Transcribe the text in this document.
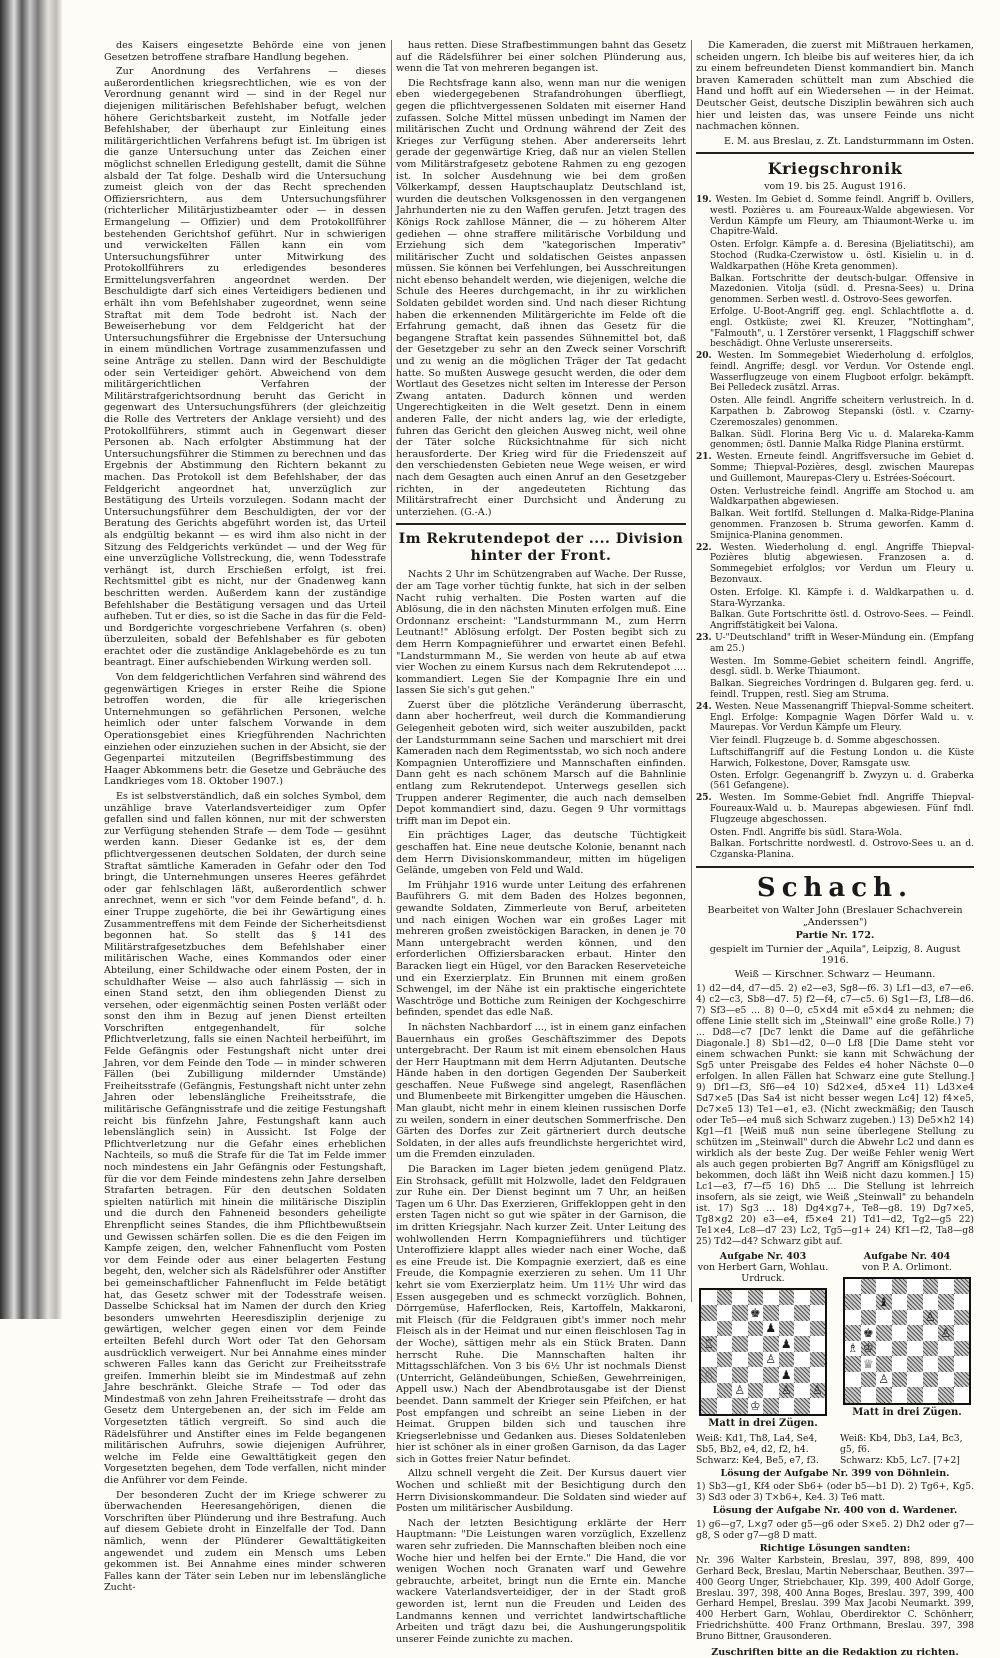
des Kaisers eingesetzte Behörde eine von jenen Gesetzen betroffene strafbare Handlung begehen.

Zur Anordnung des Verfahrens — dieses außerordentlichen kriegsrechtlichen, wie es von der Verordnung genannt wird — sind in der Regel nur diejenigen militärischen Befehlshaber befugt, welchen höhere Gerichtsbarkeit zusteht, im Notfalle jeder Befehlshaber, der überhaupt zur Einleitung eines militärgerichtlichen Verfahrens befugt ist. Im übrigen ist die ganze Untersuchung unter das Zeichen einer möglichst schnellen Erledigung gestellt, damit die Sühne alsbald der Tat folge. Deshalb wird die Untersuchung zumeist gleich von der das Recht sprechenden Offiziersrichtern, aus dem Untersuchungsführer (richterlicher Militärjustizbeamter oder — in dessen Ermangelung — Offizier) und dem Protokollführer bestehenden Gerichtshof geführt. Nur in schwierigen und verwickelten Fällen kann ein vom Untersuchungsführer unter Mitwirkung des Protokollführers zu erledigendes besonderes Ermittelungsverfahren angeordnet werden. Der Beschuldigte darf sich eines Verteidigers bedienen und erhält ihn vom Befehlshaber zugeordnet, wenn seine Straftat mit dem Tode bedroht ist. Nach der Beweiserhebung vor dem Feldgericht hat der Untersuchungsführer die Ergebnisse der Untersuchung in einem mündlichen Vortrage zusammenzufassen und seine Anträge zu stellen. Dann wird der Beschuldigte oder sein Verteidiger gehört. Abweichend von dem militärgerichtlichen Verfahren der Militärstrafgerichtsordnung beruht das Gericht in gegenwart des Untersuchungsführers (der gleichzeitig die Rolle des Vertreters der Anklage versieht) und des Protokollführers, stimmt auch in Gegenwart dieser Personen ab. Nach erfolgter Abstimmung hat der Untersuchungsführer die Stimmen zu berechnen und das Ergebnis der Abstimmung den Richtern bekannt zu machen. Das Protokoll ist dem Befehlshaber, der das Feldgericht angeordnet hat, unverzüglich zur Bestätigung des Urteils vorzulegen. Sodann macht der Untersuchungsführer dem Beschuldigten, der vor der Beratung des Gerichts abgeführt worden ist, das Urteil als endgültig bekannt — es wird ihm also nicht in der Sitzung des Feldgerichts verkündet — und der Weg für eine unverzügliche Vollstreckung, die, wenn Todesstrafe verhängt ist, durch Erschießen erfolgt, ist frei. Rechtsmittel gibt es nicht, nur der Gnadenweg kann beschritten werden. Außerdem kann der zuständige Befehlshaber die Bestätigung versagen und das Urteil aufheben. Tut er dies, so ist die Sache in das für die Feld- und Bordgerichte vorgeschriebene Verfahren (s. oben) überzuleiten, sobald der Befehlshaber es für geboten erachtet oder die zuständige Anklagebehörde es zu tun beantragt. Einer aufschiebenden Wirkung werden soll.

Von dem feldgerichtlichen Verfahren sind während des gegenwärtigen Krieges in erster Reihe die Spione betroffen worden, die für alle kriegerischen Unternehmungen so gefährlichen Personen, welche heimlich oder unter falschem Vorwande in dem Operationsgebiet eines Kriegführenden Nachrichten einziehen oder einzuziehen suchen in der Absicht, sie der Gegenpartei mitzuteilen (Begriffsbestimmung des Haager Abkommens betr. die Gesetze und Gebräuche des Landkrieges vom 18. Oktober 1907.)

Es ist selbstverständlich, daß ein solches Symbol, dem unzählige brave Vaterlandsverteidiger zum Opfer gefallen sind und fallen können, nur mit der schwersten zur Verfügung stehenden Strafe — dem Tode — gesühnt werden kann. Dieser Gedanke ist es, der dem pflichtvergessenen deutschen Soldaten, der durch seine Straftat sämtliche Kameraden in Gefahr oder den Tod bringt, die Unternehmungen unseres Heeres gefährdet oder gar fehlschlagen läßt, außerordentlich schwer anrechnet, wenn er sich "vor dem Feinde befand", d. h. einer Truppe zugehörte, die bei ihr Gewärtigung eines Zusammentreffens mit dem Feinde der Sicherheitsdienst begonnen hat. So stellt das § 141 des Militärstrafgesetzbuches dem Befehlshaber einer militärischen Wache, eines Kommandos oder einer Abteilung, einer Schildwache oder einem Posten, der in schuldhafter Weise — also auch fahrlässig — sich in einen Stand setzt, den ihm obliegenden Dienst zu versehen, oder eigenmächtig seinen Posten verläßt oder sonst den ihm in Bezug auf jenen Dienst erteilten Vorschriften entgegenhandelt, für solche Pflichtverletzung, falls sie einen Nachteil herbeiführt, im Felde Gefängnis oder Festungshaft nicht unter drei Jahren, vor dem Feinde den Tode — in minder schweren Fällen (bei Zubilligung mildernder Umstände) Freiheitsstrafe (Gefängnis, Festungshaft nicht unter zehn Jahren oder lebenslängliche Freiheitsstrafe, die militärische Gefängnisstrafe und die zeitige Festungshaft reicht bis fünfzehn Jahre, Festungshaft kann auch lebenslänglich sein) in Aussicht. Ist Folge der Pflichtverletzung nur die Gefahr eines erheblichen Nachteils, so muß die Strafe für die Tat im Felde immer noch mindestens ein Jahr Gefängnis oder Festungshaft, für die vor dem Feinde mindestens zehn Jahre derselben Strafarten betragen. Für den deutschen Soldaten spielten natürlich mit hinein die militärische Disziplin und die durch den Fahneneid besonders geheiligte Ehrenpflicht seines Standes, die ihm Pflichtbewußtsein und Gewissen schärfen sollen. Die es die den Feigen im Kampfe zeigen, den, welcher Fahnenflucht vom Posten vor dem Feinde oder aus einer belagerten Festung begeht, den, welcher sich als Rädelsführer oder Anstifter bei gemeinschaftlicher Fahnenflucht im Felde betätigt hat, das Gesetz schwer mit der Todesstrafe weisen. Dasselbe Schicksal hat im Namen der durch den Krieg besonders umwehrten Heeresdisziplin derjenige zu gewärtigen, welcher gegen einen vor dem Feinde erteilten Befehl durch Wort oder Tat den Gehorsam ausdrücklich verweigert. Nur bei Annahme eines minder schweren Falles kann das Gericht zur Freiheitsstrafe greifen. Immerhin bleibt sie im Mindestmaß auf zehn Jahre beschränkt. Gleiche Strafe — Tod oder das Mindestmaß von zehn Jahren Freiheitsstrafe — droht das Gesetz dem Untergebenen an, der sich im Felde am Vorgesetzten tätlich vergreift. So sind auch die Rädelsführer und Anstifter eines im Felde begangenen militärischen Aufruhrs, sowie diejenigen Aufrührer, welche im Felde eine Gewalttätigkeit gegen den Vorgesetzten begehen, dem Tode verfallen, nicht minder die Anführer vor dem Feinde.

Der besonderen Zucht der im Kriege schwerer zu überwachenden Heeresangehörigen, dienen die Vorschriften über Plünderung und ihre Bestrafung. Auch auf diesem Gebiete droht in Einzelfalle der Tod. Dann nämlich, wenn der Plünderer Gewalttätigkeiten angewendet und zudem ein Mensch ums Leben gekommen ist. Bei Annahme eines minder schweren Falles kann der Täter sein Leben nur im lebenslängliche Zucht-

haus retten. Diese Strafbestimmungen bahnt das Gesetz auf die Rädelsführer bei einer solchen Plünderung aus, wenn die Tat von mehreren begangen ist.

Die Rechtsfrage kann also, wenn man nur die wenigen eben wiedergegebenen Strafandrohungen überfliegt, gegen die pflichtvergessenen Soldaten mit eiserner Hand zufassen. Solche Mittel müssen unbedingt im Namen der militärischen Zucht und Ordnung während der Zeit des Krieges zur Verfügung stehen. Aber andererseits lehrt gerade der gegenwärtige Krieg, daß nur an vielen Stellen vom Militärstrafgesetz gebotene Rahmen zu eng gezogen ist. In solcher Ausdehnung wie bei dem großen Völkerkampf, dessen Hauptschauplatz Deutschland ist, wurden die deutschen Volksgenossen in den vergangenen Jahrhunderten nie zu den Waffen gerufen. Jetzt tragen des Königs Rock zahllose Männer, die — zu höherem Alter gediehen — ohne straffere militärische Vorbildung und Erziehung sich dem "kategorischen Imperativ" militärischer Zucht und soldatischen Geistes anpassen müssen. Sie können bei Verfehlungen, bei Ausschreitungen nicht ebenso behandelt werden, wie diejenigen, welche die Schule des Heeres durchgemacht, in ihr zu wirklichen Soldaten gebildet worden sind. Und nach dieser Richtung haben die erkennenden Militärgerichte im Felde oft die Erfahrung gemacht, daß ihnen das Gesetz für die begangene Straftat kein passendes Sühnemittel bot, daß der Gesetzgeber zu sehr an den Zweck seiner Vorschrift und zu wenig an die möglichen Träger der Tat gedacht hatte. So mußten Auswege gesucht werden, die oder dem Wortlaut des Gesetzes nicht selten im Interesse der Person Zwang antaten. Dadurch können und werden Ungerechtigkeiten in die Welt gesetzt. Denn in einem anderen Falle, der nicht anders lag, wie der erledigte, fuhren das Gericht den gleichen Ausweg nicht, weil ohne der Täter solche Rücksichtnahme für sich nicht herausforderte. Der Krieg wird für die Friedenszeit auf den verschiedensten Gebieten neue Wege weisen, er wird nach dem Gesagten auch einen Anruf an den Gesetzgeber richten, in der angedeuteten Richtung das Militärstrafrecht einer Durchsicht und Änderung zu unterziehen. (G.-A.)

Im Rekrutendepot der .... Division hinter der Front.

Nachts 2 Uhr im Schützengraben auf Wache. Der Russe, der am Tage vorher tüchtig funkte, hat sich in der selben Nacht ruhig verhalten. Die Posten warten auf die Ablösung, die in den nächsten Minuten erfolgen muß. Eine Ordonnanz erscheint: "Landsturmmann M., zum Herrn Leutnant!" Ablösung erfolgt. Der Posten begibt sich zu dem Herrn Kompagnieführer und erwartet einen Befehl. "Landsturmmann M., Sie werden von heute ab auf etwa vier Wochen zu einem Kursus nach dem Rekrutendepot .... kommandiert. Legen Sie der Kompagnie Ihre ein und lassen Sie sich's gut gehen."

Zuerst über die plötzliche Veränderung überrascht, dann aber hocherfreut, weil durch die Kommandierung Gelegenheit geboten wird, sich weiter auszubilden, packt der Landsturmmann seine Sachen und marschiert mit drei Kameraden nach dem Regimentsstab, wo sich noch andere Kompagnien Unteroffiziere und Mannschaften einfinden. Dann geht es nach schönem Marsch auf die Bahnlinie entlang zum Rekrutendepot. Unterwegs gesellen sich Truppen anderer Regimenter, die auch nach demselben Depot kommandiert sind, dazu. Gegen 9 Uhr vormittags trifft man im Depot ein.

Ein prächtiges Lager, das deutsche Tüchtigkeit geschaffen hat. Eine neue deutsche Kolonie, benannt nach dem Herrn Divisionskommandeur, mitten im hügeligen Gelände, umgeben von Feld und Wald.

Im Frühjahr 1916 wurde unter Leitung des erfahrenen Bauführers G. mit dem Baden des Holzes begonnen, gewandte Soldaten, Zimmerleute von Beruf, arbeiteten und nach einigen Wochen war ein großes Lager mit mehreren großen zweistöckigen Baracken, in denen je 70 Mann untergebracht werden können, und den erforderlichen Offiziersbaracken erbaut. Hinter den Baracken liegt ein Hügel, vor den Baracken Reserveteiche und ein Exerzierplatz. Ein Brunnen mit einem großen Schwengel, im der Nähe ist ein praktische eingerichtete Waschtröge und Bottiche zum Reinigen der Kochgeschirre befinden, spendet das edle Naß.

In nächsten Nachbardorf ..., ist in einem ganz einfachen Bauernhaus ein großes Geschäftszimmer des Depots untergebracht. Der Raum ist mit einem ebensolchen Haus der Herr Hauptmann mit dem Herrn Adjutanten. Deutsche Hände haben in den dortigen Gegenden Der Sauberkeit geschaffen. Neue Fußwege sind angelegt, Rasenflächen und Blumenbeete mit Birkengitter umgeben die Häuschen. Man glaubt, nicht mehr in einem kleinen russischen Dorfe zu weilen, sondern in einer deutschen Sommerfrische. Den Gärten des Dorfes zur Zeit gärtneriert durch deutsche Soldaten, in der alles aufs freundlichste hergerichtet wird, um die Fremden einzuladen.

Die Baracken im Lager bieten jedem genügend Platz. Ein Strohsack, gefüllt mit Holzwolle, ladet den Feldgrauen zur Ruhe ein. Der Dienst beginnt um 7 Uhr, an heißen Tagen um 6 Uhr. Das Exerzieren, Griffekloppen geht in den ersten Tagen nicht so gut wie später in der Garnison, die im dritten Kriegsjahr. Nach kurzer Zeit. Unter Leitung des wohlwollenden Herrn Kompagnieführers und tüchtiger Unteroffiziere klappt alles wieder nach einer Woche, daß es eine Freude ist. Die Kompagnie exerziert, daß es eine Freude, die Kompagnie exerzieren zu sehen. Um 11 Uhr kehrt sie vom Exerzierplatz heim. Um 11½ Uhr wird das Essen ausgegeben und es schmeckt vorzüglich. Bohnen, Dörrgemüse, Haferflocken, Reis, Kartoffeln, Makkaroni, mit Fleisch (für die Feldgrauen gibt's immer noch mehr Fleisch als in der Heimat und nur einen fleischlosen Tag in der Woche), sättigen mehr als ein Stück Braten. Dann herrscht Ruhe. Die Mannschaften halten ihr Mittagsschläfchen. Von 3 bis 6½ Uhr ist nochmals Dienst (Unterricht, Geländeübungen, Schießen, Gewehrreinigen, Appell usw.) Nach der Abendbrotausgabe ist der Dienst beendet. Dann sammelt der Krieger sein Pfeifchen, er hat Post empfangen und schreibt an seine Lieben in der Heimat. Gruppen bilden sich und tauschen ihre Kriegserlebnisse und Gedanken aus. Dieses Soldatenleben hier ist schöner als in einer großen Garnison, da das Lager sich in Gottes freier Natur befindet.

Allzu schnell vergeht die Zeit. Der Kursus dauert vier Wochen und schließt mit der Besichtigung durch den Herrn Divisionskommandeur. Die Soldaten sind wieder auf Posten um militärischer Ausbildung.

Nach der letzten Besichtigung erklärte der Herr Hauptmann: "Die Leistungen waren vorzüglich, Exzellenz waren sehr zufrieden. Die Mannschaften bleiben noch eine Woche hier und helfen bei der Ernte." Die Hand, die vor wenigen Wochen noch Granaten warf und Gewehre gebrauchte, arbeitet, bringt nun die Ernte ein. Manche wackere Vaterlandsverteidiger, der in der Stadt groß geworden ist, lernt nun die Freuden und Leiden des Landmanns kennen und verrichtet landwirtschaftliche Arbeiten und trägt dazu bei, die Aushungerungspolitik unserer Feinde zunichte zu machen.

Die Kameraden, die zuerst mit Mißtrauen herkamen, scheiden ungern. Ich bleibe bis auf weiteres hier, da ich zu einem befreundeten Dienst kommandiert bin. Manch braven Kameraden schüttelt man zum Abschied die Hand und hofft auf ein Wiedersehen — in der Heimat. Deutscher Geist, deutsche Disziplin bewähren sich auch hier und leisten das, was unsere Feinde uns nicht nachmachen können.

E. M. aus Breslau, z. Zt. Landsturmmann im Osten.

Kriegschronik
vom 19. bis 25. August 1916.
19. Westen. Im Gebiet d. Somme feindl. Angriff b. Ovillers, westl. Pozières u. am Foureaux-Walde abgewiesen. Vor Verdun Kämpfe um Fleury, am Thiaumont-Werke u. im Chapitre-Wald.
Osten. Erfolgr. Kämpfe a. d. Beresina (Bjeliatitschi), am Stochod (Rudka-Czerwistow u. östl. Kisielin u. in d. Waldkarpathen (Höhe Kreta genommen).
Balkan. Fortschritte der deutsch-bulgar. Offensive in Mazedonien. Vitolja (südl. d. Presna-Sees) u. Drina genommen. Serben westl. d. Ostrovo-Sees geworfen.
Erfolge. U-Boot-Angriff geg. engl. Schlachtflotte a. d. engl. Ostküste; zwei Kl. Kreuzer, "Nottingham", "Falmouth", u. 1 Zerstörer versenkt, 1 Flaggschiff schwer beschädigt. Ohne Verluste unsererseits.
20. Westen. Im Sommegebiet Wiederholung d. erfolglos, feindl. Angriffe; desgl. vor Verdun. Vor Ostende engl. Wasserflugzeuge von einem Flugboot erfolgr. bekämpft. Bei Pelledeck zusätzl. Arras.
Osten. Alle feindl. Angriffe scheitern verlustreich. In d. Karpathen b. Zabrowog Stepanski (östl. v. Czarny-Czeremoszales) genommen.
Balkan. Südl. Florina Berg Vic u. d. Malareka-Kamm genommen; östl. Dannie Malka Ridge Planina erstürmt.
21. Westen. Erneute feindl. Angriffsversuche im Gebiet d. Somme; Thiepval-Pozières, desgl. zwischen Maurepas und Guillemont, Maurepas-Clery u. Estrées-Soécourt.
Osten. Verlustreiche feindl. Angriffe am Stochod u. am Waldkarpathen abgewiesen.
Balkan. Weit fortlfd. Stellungen d. Malka-Ridge-Planina genommen. Franzosen b. Struma geworfen. Kamm d. Smijnica-Planina genommen.
22. Westen. Wiederholung d. engl. Angriffe Thiepval-Pozières blutig abgewiesen. Franzosen a. d. Sommegebiet erfolglos; vor Verdun um Fleury u. Bezonvaux.
Osten. Erfolge. Kl. Kämpfe i. d. Waldkarpathen u. d. Stara-Wyrzanka.
Balkan. Gute Fortschritte östl. d. Ostrovo-Sees. — Feindl. Angriffstätigkeit bei Valona.
23. U-"Deutschland" trifft in Weser-Mündung ein. (Empfang am 25.)
Westen. Im Somme-Gebiet scheitern feindl. Angriffe, desgl. südl. b. Werke Thiaumont.
Balkan. Siegreiches Vordringen d. Bulgaren geg. ferd. u. feindl. Truppen, restl. Sieg am Struma.
24. Westen. Neue Massenangriff Thiepval-Somme scheitert. Engl. Erfolge: Kompagnie Wagen Dörfer Wald u. v. Maurepas. Vor Verdun Kämpfe um Fleury.
Vier feindl. Flugzeuge b. d. Somme abgeschossen.
Luftschiffangriff auf die Festung London u. die Küste Harwich, Folkestone, Dover, Ramsgate usw.
Osten. Erfolgr. Gegenangriff b. Zwyzyn u. d. Graberka (561 Gefangene).
25. Westen. Im Somme-Gebiet fndl. Angriffe Thiepval-Foureaux-Wald u. b. Maurepas abgewiesen. Fünf fndl. Flugzeuge abgeschossen.
Osten. Fndl. Angriffe bis südl. Stara-Wola.
Balkan. Fortschritte nordwestl. d. Ostrovo-Sees u. an d. Czganska-Planina.
Schach.
Bearbeitet von Walter John (Breslauer Schachverein „Anderssen")
Partie Nr. 172.
gespielt im Turnier der „Aquila", Leipzig, 8. August 1916.
Weiß — Kirschner. Schwarz — Heumann.
1) d2—d4, d7—d5. 2) e2—e3, Sg8—f6. 3) Lf1—d3, e7—e6. 4) c2—c3, Sb8—d7. 5) f2—f4, c7—c5. 6) Sg1—f3, Lf8—d6. 7) Sf3—e5 ... 8) 0—0, c5×d4 mit e5×d4 zu nehmen; die offene Linie stellt sich im „Steinwall" eine große Rolle.) 7) ... Dd8—c7 [Dc7 lenkt die Dame auf die gefährliche Diagonale.] 8) Sb1—d2, 0—0 Lf8 [Die Dame steht vor einem schwachen Punkt: sie kann mit Schwächung der Sg5 unter Preisgabe des Feldes e4 hoher Nächste 0—0 erfolgen. In allen Fällen hat Schwarz eine gute Stellung.] 9) Df1—f3, Sf6—e4 10) Sd2×e4, d5×e4 11) Ld3×e4 Sd7×e5 [Das Sa4 ist nicht besser wegen Lc4] 12) f4×e5, Dc7×e5 13) Te1—e1, e3. (Nicht zweckmäßig; den Tausch oder Te5—e4 muß sich Schwarz zugeben.) 13) De5×h2 14) Kg1—f1 [Weiß muß nun seine überlegene Stellung zu schützen im „Steinwall" durch die Abwehr Lc2 und dann es wirklich als der beste Zug. Der weiße Fehler wenig Wert als auch gegen probierten Bg7 Angriff am Königsflügel zu bekommen, doch läßt ihn Weiß nicht dazu kommen.] 15) Lc1—e3, f7—f5 16) Dh5 ... Die Stellung ist lehrreich insofern, als sie zeigt, wie Weiß „Steinwall" zu behandeln ist. 17) Sg3 ... 18) Dg4×g7+, Te8—g8. 19) Dg7×e5, Tg8×g2 20) e3—e4, f5×e4 21) Td1—d2, Tg2—g5 22) Te1×e4, Lc8—d7 23) Lc2, Tg5—g1+ 24) Kf1—f2, Ta8—g8 25) Td2—d4? Schwarz gibt auf.
Aufgabe Nr. 403
von Herbert Garn, Wohlau.
Urdruck.
♚
♟
♖	♟
♙
♘	♟
♙	♙ ♙
♔
Matt in drei Zügen.
Aufgabe Nr. 404
von P. A. Orlimont.
♝
♙
♚	♙
♗ ♔
♕
♙
Matt in drei Zügen.
Weiß: Kd1, Th8, La4, Se4, Sb5, Bb2, e4, d2, f2, h4.
Schwarz: Ke4, Be5, e7, f3.
Weiß: Kb4, Db3, La4, Bc3, g5, f6.
Schwarz: Kb5, Lc7. [7+2]
Lösung der Aufgabe Nr. 399 von Döhnlein.
1) Sb3—g1, Kf4 oder Sb6+ (oder b5—b1 D). 2) Tg6+, Kg5. 3) Sd3 oder 3) T×b6+, Ke4. 3) Te6 matt.
Lösung der Aufgabe Nr. 400 von d. Wardener.
1) g6—g7, L×g7 oder g5—g6 oder S×e5. 2) Dh2 oder g7—g8, S oder g7—g8 D matt.
Richtige Lösungen sandten:
Nr. 396 Walter Karbstein, Breslau, 397, 898, 899, 400 Gerhard Beck, Breslau, Martin Neberschaar, Beuthen. 397—400 Georg Unger, Striebchauer, Klp. 399, 400 Adolf Gorge, Breslau. 397, 398, 400 Anna Boges, Breslau. 397, 399, 400 Gerhard Hempel, Breslau. 399 Max Jacobi Neumarkt. 399, 400 Herbert Garn, Wohlau, Oberdirektor C. Schönherr, Friedrichshütte. 400 Franz Orthmann, Breslau. 397, 398 Bruno Bittner, Grausonderen.
Zuschriften bitte an die Redaktion zu richten.
